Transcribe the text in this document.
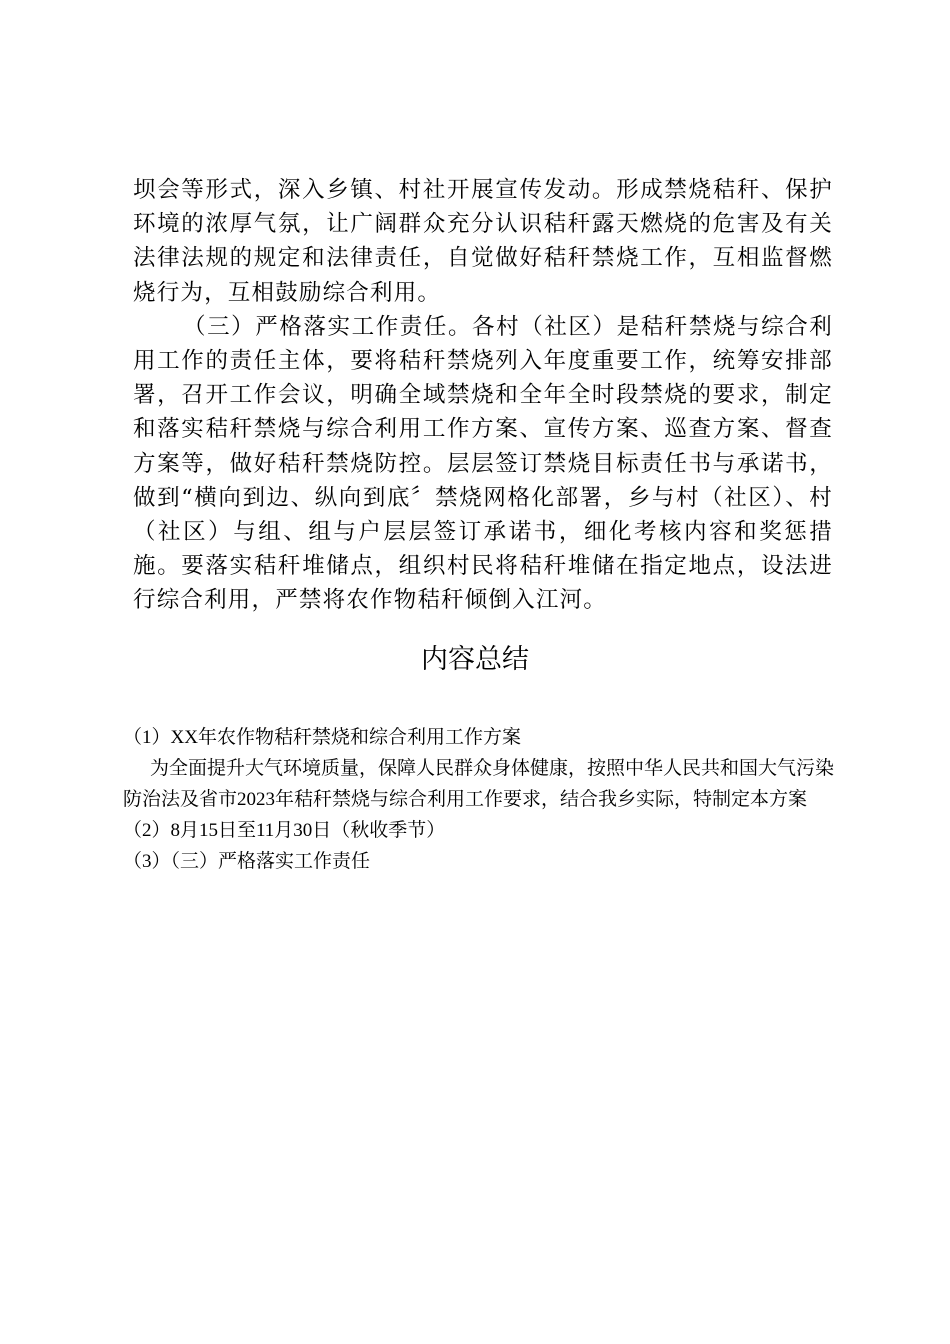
坝会等形式，深入乡镇、村社开展宣传发动。形成禁烧秸秆、保护环境的浓厚气氛，让广阔群众充分认识秸秆露天燃烧的危害及有关法律法规的规定和法律责任，自觉做好秸秆禁烧工作，互相监督燃烧行为，互相鼓励综合利用。

（三）严格落实工作责任。各村（社区）是秸秆禁烧与综合利用工作的责任主体，要将秸秆禁烧列入年度重要工作，统筹安排部署，召开工作会议，明确全域禁烧和全年全时段禁烧的要求，制定和落实秸秆禁烧与综合利用工作方案、宣传方案、巡查方案、督查方案等，做好秸秆禁烧防控。层层签订禁烧目标责任书与承诺书，做到“横向到边、纵向到底〞禁烧网格化部署，乡与村（社区）、村（社区）与组、组与户层层签订承诺书，细化考核内容和奖惩措施。要落实秸秆堆储点，组织村民将秸秆堆储在指定地点，设法进行综合利用，严禁将农作物秸秆倾倒入江河。

内容总结

（1）XX年农作物秸秆禁烧和综合利用工作方案

为全面提升大气环境质量，保障人民群众身体健康，按照中华人民共和国大气污染防治法及省市2023年秸秆禁烧与综合利用工作要求，结合我乡实际，特制定本方案

（2）8月15日至11月30日（秋收季节）

（3）（三）严格落实工作责任
